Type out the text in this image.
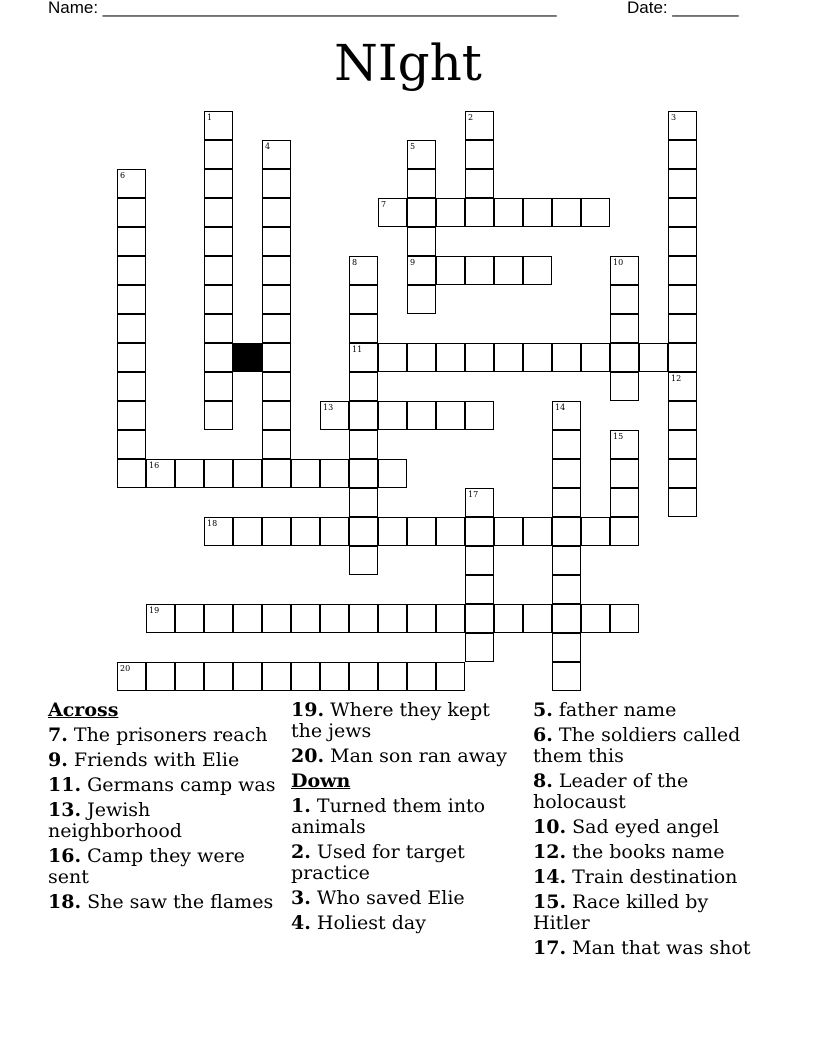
Name: ________________________________________________	Date: _______
NIght
1	2	3
4	5
9
6
7
8
11
10
12
13	14
15
16
17
18
19
20
Across
7. The prisoners reach
9. Friends with Elie
11. Germans camp was
13. Jewish neighborhood
16. Camp they were sent
18. She saw the flames
19. Where they kept the jews
20. Man son ran away
Down
1. Turned them into animals
2. Used for target practice
3. Who saved Elie
4. Holiest day
5. father name
6. The soldiers called them this
8. Leader of the holocaust
10. Sad eyed angel
12. the books name
14. Train destination
15. Race killed by Hitler
17. Man that was shot
